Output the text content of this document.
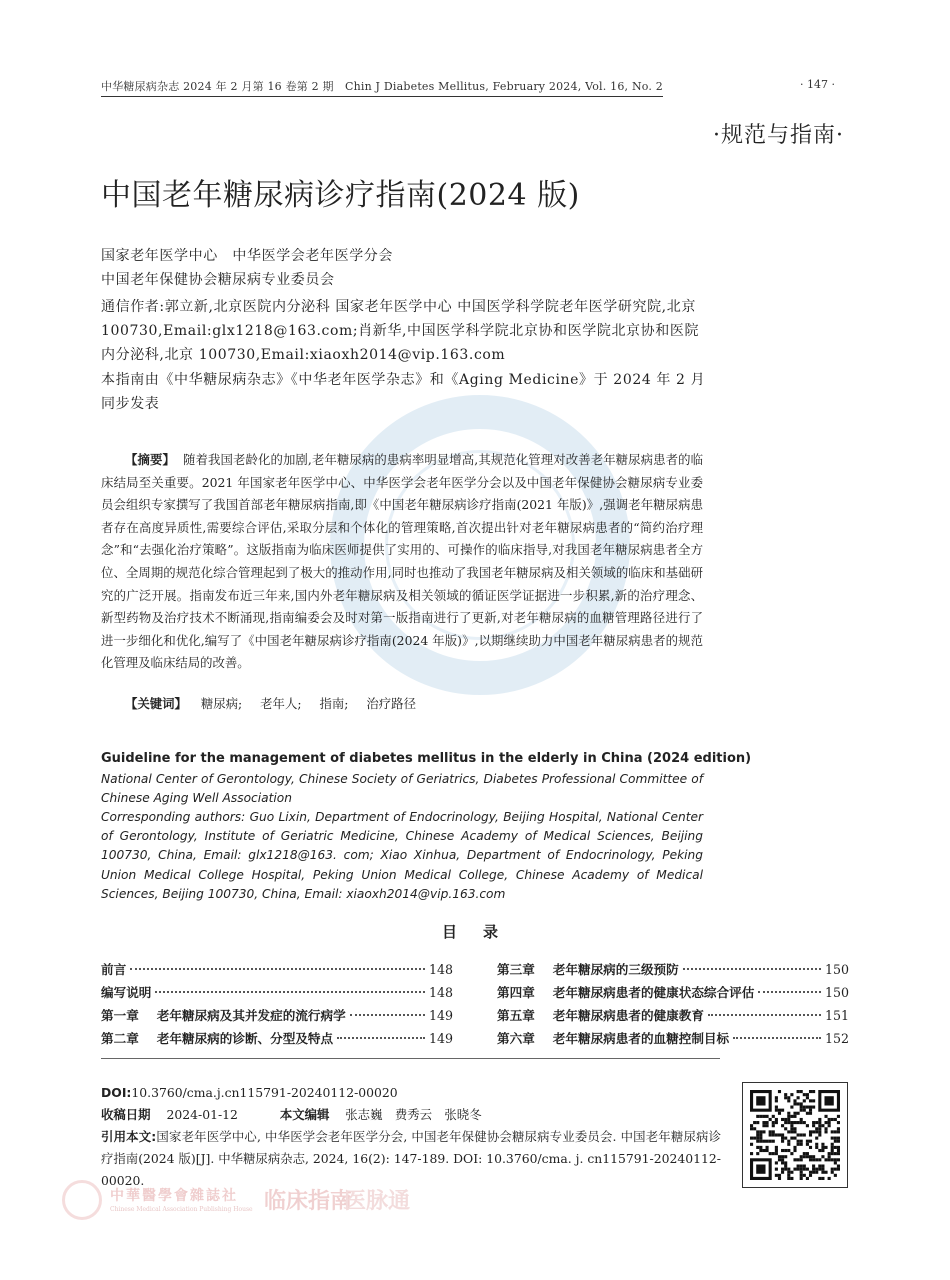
中华糖尿病杂志 2024 年 2 月第 16 卷第 2 期　Chin J Diabetes Mellitus, February 2024, Vol. 16, No. 2	· 147 ·
·规范与指南·
中国老年糖尿病诊疗指南(2024 版)
国家老年医学中心　中华医学会老年医学分会
中国老年保健协会糖尿病专业委员会
通信作者:郭立新,北京医院内分泌科 国家老年医学中心 中国医学科学院老年医学研究院,北京 100730,Email:glx1218@163.com;肖新华,中国医学科学院北京协和医学院北京协和医院内分泌科,北京 100730,Email:xiaoxh2014@vip.163.com
本指南由《中华糖尿病杂志》《中华老年医学杂志》和《Aging Medicine》于 2024 年 2 月同步发表
【摘要】 随着我国老龄化的加剧,老年糖尿病的患病率明显增高,其规范化管理对改善老年糖尿病患者的临床结局至关重要。2021 年国家老年医学中心、中华医学会老年医学分会以及中国老年保健协会糖尿病专业委员会组织专家撰写了我国首部老年糖尿病指南,即《中国老年糖尿病诊疗指南(2021 年版)》,强调老年糖尿病患者存在高度异质性,需要综合评估,采取分层和个体化的管理策略,首次提出针对老年糖尿病患者的“简约治疗理念”和“去强化治疗策略”。这版指南为临床医师提供了实用的、可操作的临床指导,对我国老年糖尿病患者全方位、全周期的规范化综合管理起到了极大的推动作用,同时也推动了我国老年糖尿病及相关领域的临床和基础研究的广泛开展。指南发布近三年来,国内外老年糖尿病及相关领域的循证医学证据进一步积累,新的治疗理念、新型药物及治疗技术不断涌现,指南编委会及时对第一版指南进行了更新,对老年糖尿病的血糖管理路径进行了进一步细化和优化,编写了《中国老年糖尿病诊疗指南(2024 年版)》,以期继续助力中国老年糖尿病患者的规范化管理及临床结局的改善。
【关键词】 糖尿病; 老年人; 指南; 治疗路径
Guideline for the management of diabetes mellitus in the elderly in China (2024 edition)
National Center of Gerontology, Chinese Society of Geriatrics, Diabetes Professional Committee of Chinese Aging Well Association
Corresponding authors: Guo Lixin, Department of Endocrinology, Beijing Hospital, National Center of Gerontology, Institute of Geriatric Medicine, Chinese Academy of Medical Sciences, Beijing 100730, China, Email: glx1218@163. com; Xiao Xinhua, Department of Endocrinology, Peking Union Medical College Hospital, Peking Union Medical College, Chinese Academy of Medical Sciences, Beijing 100730, China, Email: xiaoxh2014@vip.163.com
目录
前言	148
编写说明	148
第一章 老年糖尿病及其并发症的流行病学	149
第二章 老年糖尿病的诊断、分型及特点	149
第三章 老年糖尿病的三级预防	150
第四章 老年糖尿病患者的健康状态综合评估	150
第五章 老年糖尿病患者的健康教育	151
第六章 老年糖尿病患者的血糖控制目标	152
DOI:10.3760/cma.j.cn115791-20240112-00020
收稿日期 2024-01-12	本文编辑 张志巍　费秀云　张晓冬
引用本文:国家老年医学中心, 中华医学会老年医学分会, 中国老年保健协会糖尿病专业委员会. 中国老年糖尿病诊疗指南(2024 版)[J]. 中华糖尿病杂志, 2024, 16(2): 147-189. DOI: 10.3760/cma. j. cn115791-20240112-00020.
中華醫學會雜誌社
Chinese Medical Association Publishing House 临床指南
医脉通
